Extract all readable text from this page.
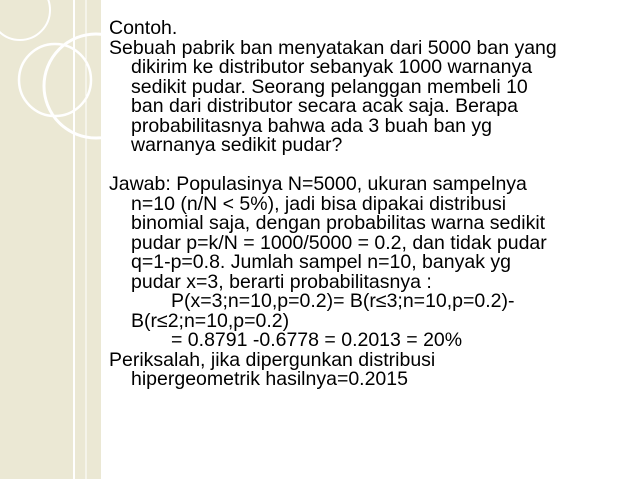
Contoh.
Sebuah pabrik ban menyatakan dari 5000 ban yang
dikirim ke distributor sebanyak 1000 warnanya
sedikit pudar. Seorang pelanggan membeli 10
ban dari distributor secara acak saja. Berapa
probabilitasnya bahwa ada 3 buah ban yg
warnanya sedikit pudar?
Jawab: Populasinya N=5000, ukuran sampelnya
n=10 (n/N < 5%), jadi bisa dipakai distribusi
binomial saja, dengan probabilitas warna sedikit
pudar p=k/N = 1000/5000 = 0.2, dan tidak pudar
q=1-p=0.8. Jumlah sampel n=10, banyak yg
pudar x=3, berarti probabilitasnya :
P(x=3;n=10,p=0.2)= B(r≤3;n=10,p=0.2)-
B(r≤2;n=10,p=0.2)
= 0.8791 -0.6778 = 0.2013 = 20%
Periksalah, jika dipergunkan distribusi
hipergeometrik hasilnya=0.2015
